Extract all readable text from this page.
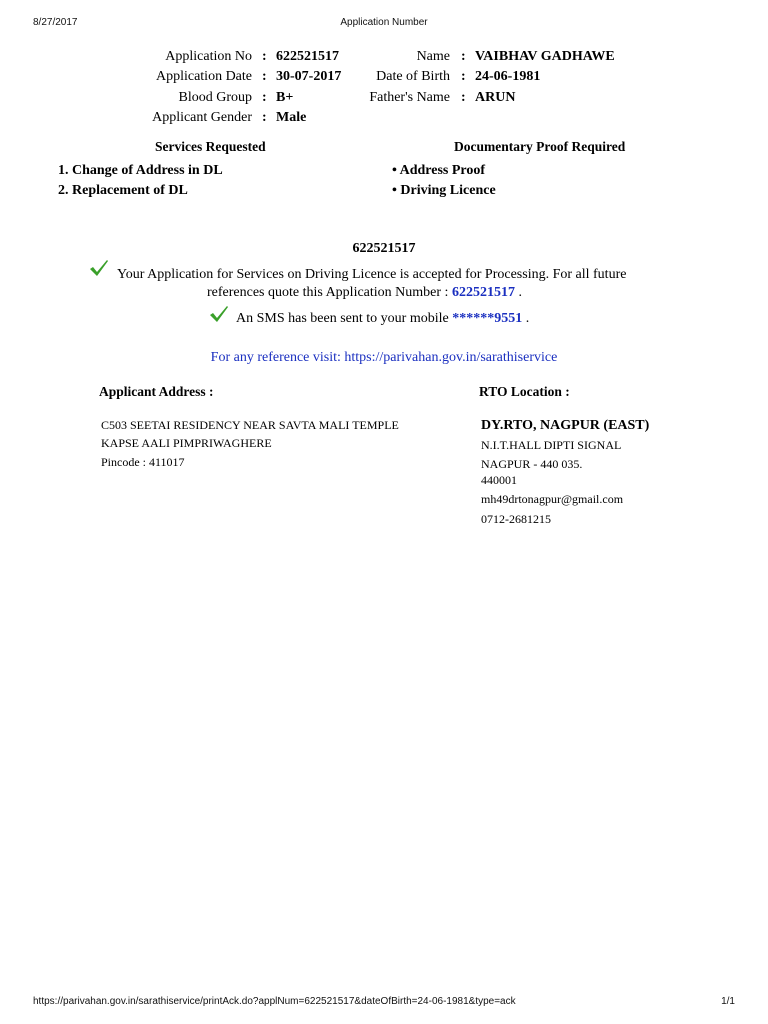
8/27/2017	Application Number
Application No : 622521517	Name : VAIBHAV GADHAWE
Application Date : 30-07-2017 Date of Birth : 24-06-1981
Blood Group : B+	Father's Name : ARUN
Applicant Gender : Male
Services Requested	Documentary Proof Required
1. Change of Address in DL
2. Replacement of DL
• Address Proof
• Driving Licence
622521517
Your Application for Services on Driving Licence is accepted for Processing. For all future
references quote this Application Number : 622521517 .
An SMS has been sent to your mobile ******9551 .
For any reference visit: https://parivahan.gov.in/sarathiservice
Applicant Address :
C503 SEETAI RESIDENCY NEAR SAVTA MALI TEMPLE
KAPSE AALI PIMPRIWAGHERE
Pincode : 411017
RTO Location :
DY.RTO, NAGPUR (EAST)
N.I.T.HALL DIPTI SIGNAL
NAGPUR - 440 035.
440001
mh49drtonagpur@gmail.com
0712-2681215
https://parivahan.gov.in/sarathiservice/printAck.do?applNum=622521517&dateOfBirth=24-06-1981&type=ack	1/1
